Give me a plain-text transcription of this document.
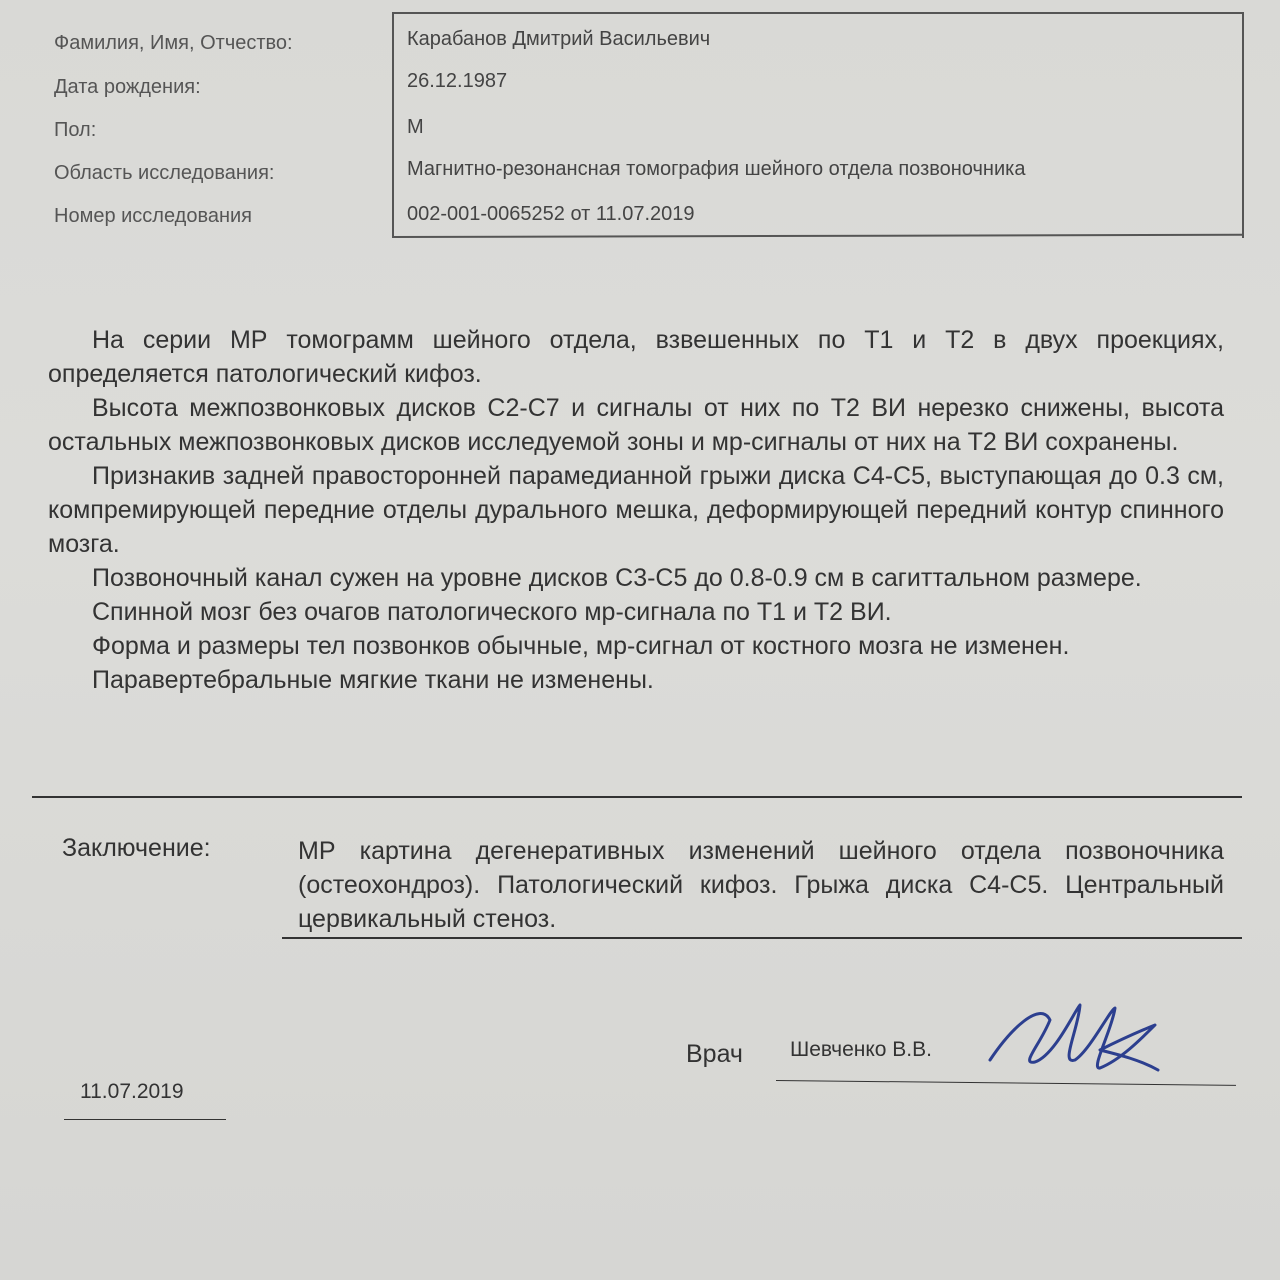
Фамилия, Имя, Отчество:	Карабанов Дмитрий Васильевич
Дата рождения:	26.12.1987
Пол:	М
Область исследования:	Магнитно-резонансная томография шейного отдела позвоночника
Номер исследования	002-001-0065252 от 11.07.2019

На серии МР томограмм шейного отдела, взвешенных по Т1 и Т2 в двух проекциях, определяется патологический кифоз.

Высота межпозвонковых дисков С2-С7 и сигналы от них по Т2 ВИ нерезко снижены, высота остальных межпозвонковых дисков исследуемой зоны и мр-сигналы от них на Т2 ВИ сохранены.

Признакив задней правосторонней парамедианной грыжи диска С4-С5, выступающая до 0.3 см, компремирующей передние отделы дурального мешка, деформирующей передний контур спинного мозга.

Позвоночный канал сужен на уровне дисков С3-С5 до 0.8-0.9 см в сагиттальном размере.

Спинной мозг без очагов патологического мр-сигнала по Т1 и Т2 ВИ.

Форма и размеры тел позвонков обычные, мр-сигнал от костного мозга не изменен.

Паравертебральные мягкие ткани не изменены.

Заключение:	МР картина дегенеративных изменений шейного отдела позвоночника (остеохондроз). Патологический кифоз. Грыжа диска С4-С5. Центральный цервикальный стеноз.
Врач Шевченко В.В.
11.07.2019
